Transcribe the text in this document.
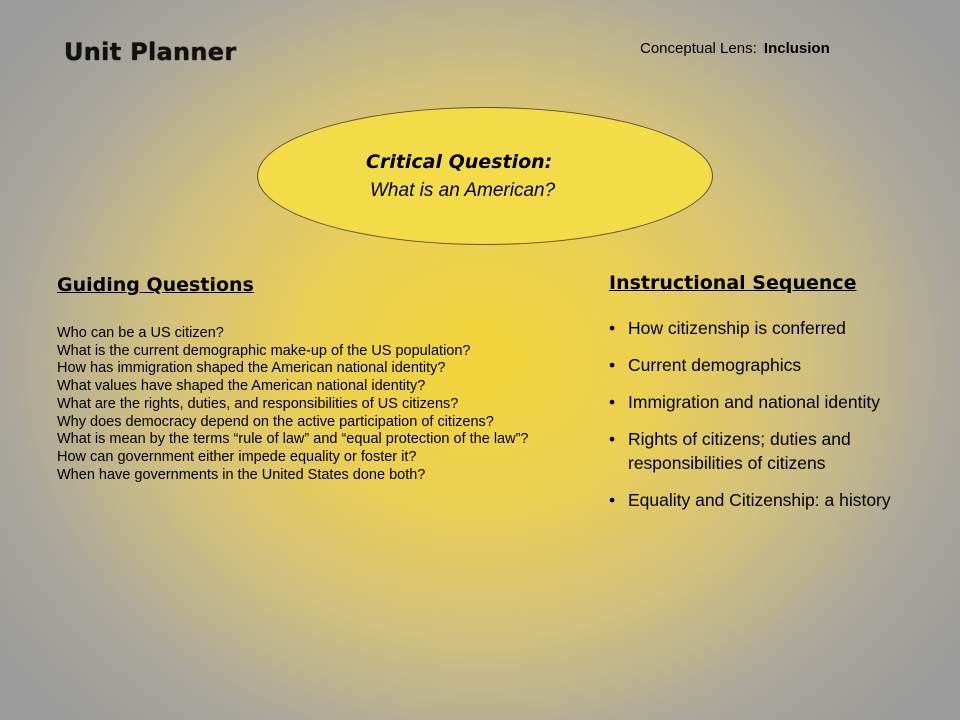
Unit Planner	Conceptual Lens: Inclusion
Critical Question:
What is an American?
Guiding Questions
Who can be a US citizen?
What is the current demographic make-up of the US population?
How has immigration shaped the American national identity?
What values have shaped the American national identity?
What are the rights, duties, and responsibilities of US citizens?
Why does democracy depend on the active participation of citizens?
What is mean by the terms “rule of law” and “equal protection of the law”?
How can government either impede equality or foster it?
When have governments in the United States done both?
Instructional Sequence
• How citizenship is conferred
• Current demographics
• Immigration and national identity
• Rights of citizens; duties and responsibilities of citizens
• Equality and Citizenship: a history
